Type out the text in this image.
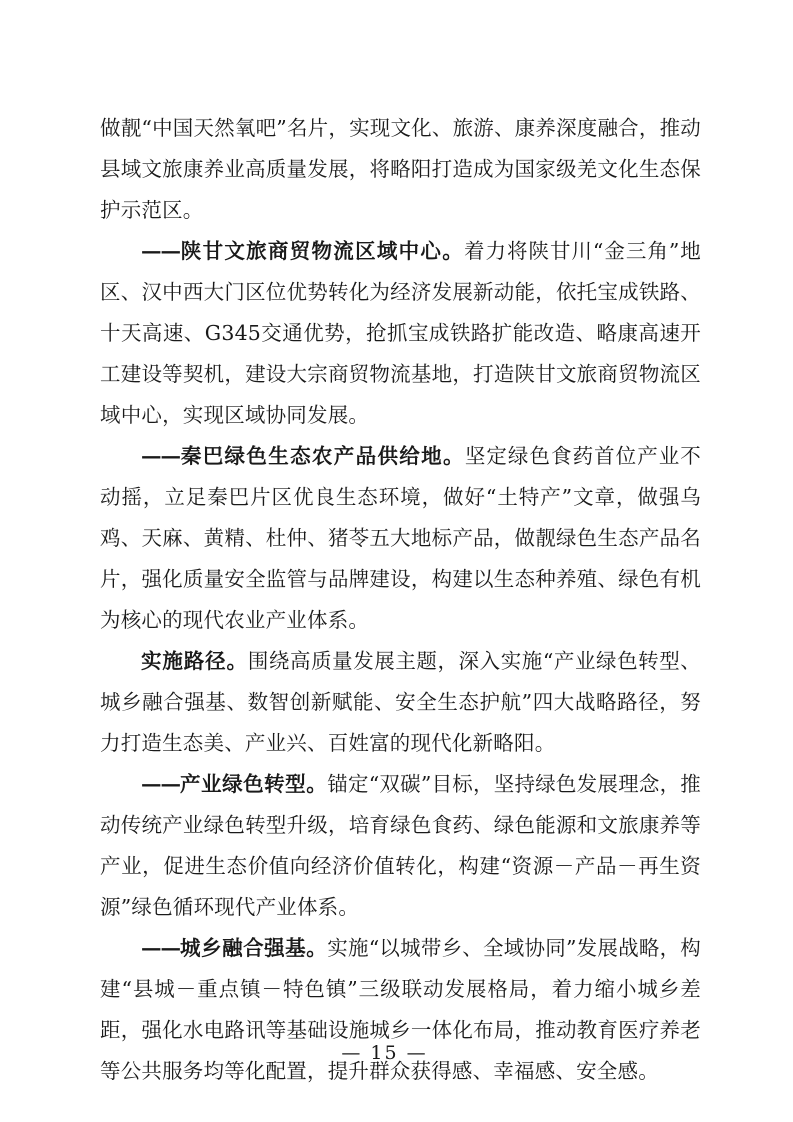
做靓“中国天然氧吧”名片，实现文化、旅游、康养深度融合，推动县域文旅康养业高质量发展，将略阳打造成为国家级羌文化生态保护示范区。

——陕甘文旅商贸物流区域中心。着力将陕甘川“金三角”地区、汉中西大门区位优势转化为经济发展新动能，依托宝成铁路、十天高速、G345交通优势，抢抓宝成铁路扩能改造、略康高速开工建设等契机，建设大宗商贸物流基地，打造陕甘文旅商贸物流区域中心，实现区域协同发展。

——秦巴绿色生态农产品供给地。坚定绿色食药首位产业不动摇，立足秦巴片区优良生态环境，做好“土特产”文章，做强乌鸡、天麻、黄精、杜仲、猪苓五大地标产品，做靓绿色生态产品名片，强化质量安全监管与品牌建设，构建以生态种养殖、绿色有机为核心的现代农业产业体系。

实施路径。围绕高质量发展主题，深入实施“产业绿色转型、城乡融合强基、数智创新赋能、安全生态护航”四大战略路径，努力打造生态美、产业兴、百姓富的现代化新略阳。

——产业绿色转型。锚定“双碳”目标，坚持绿色发展理念，推动传统产业绿色转型升级，培育绿色食药、绿色能源和文旅康养等产业，促进生态价值向经济价值转化，构建“资源－产品－再生资源”绿色循环现代产业体系。

——城乡融合强基。实施“以城带乡、全域协同”发展战略，构建“县城－重点镇－特色镇”三级联动发展格局，着力缩小城乡差距，强化水电路讯等基础设施城乡一体化布局，推动教育医疗养老等公共服务均等化配置，提升群众获得感、幸福感、安全感。

— 15 —
